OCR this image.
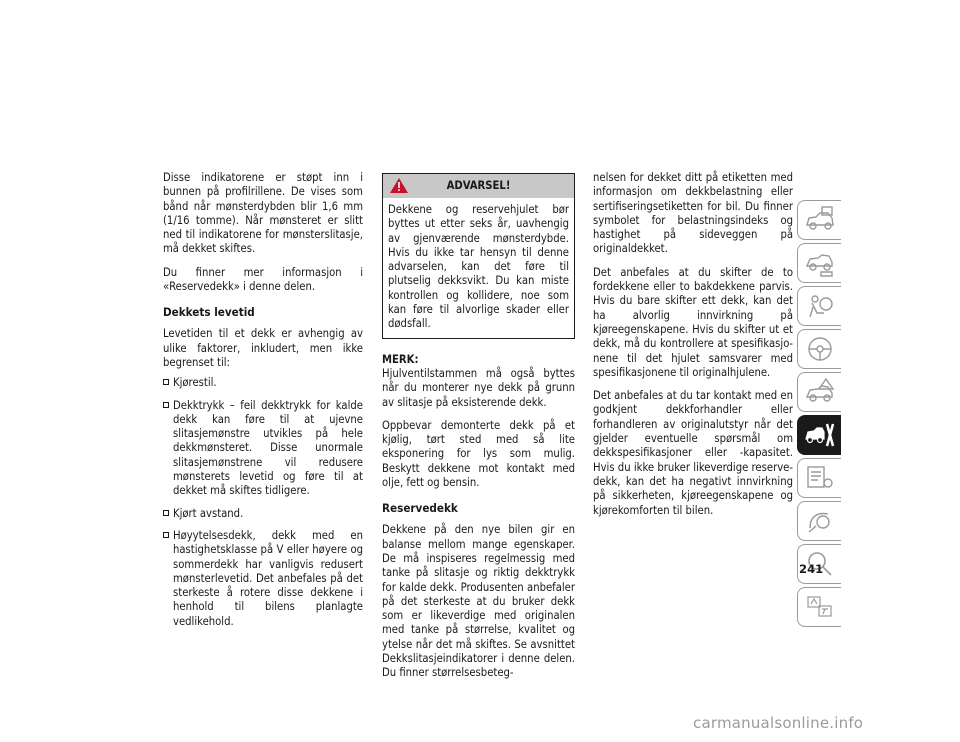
Disse indikatorene er støpt inn i bunnen på profilrillene. De vises som bånd når mønsterdybden blir 1,6 mm (1/16 tomme). Når mønsteret er slitt ned til indikatorene for mønsterslitasje, må dekket skiftes.

Du finner mer informasjon i «Reservedekk» i denne delen.

Dekkets levetid

Levetiden til et dekk er avhengig av ulike faktorer, inkludert, men ikke begrenset til:

Kjørestil.
Dekktrykk – feil dekktrykk for kalde dekk kan føre til at ujevne slitasjemønstre utvikles på hele dekkmønsteret. Disse unormale slitasjemønstrene vil redusere mønsterets levetid og føre til at dekket må skiftes tidligere.
Kjørt avstand.
Høyytelsesdekk, dekk med en hastighetsklasse på V eller høyere og sommerdekk har vanligvis redusert mønsterlevetid. Det anbefales på det sterkeste å rotere disse dekkene i henhold til bilens planlagte vedlikehold.
ADVARSEL!
Dekkene og reservehjulet bør byttes ut etter seks år, uavhengig av gjenværende mønsterdybde. Hvis du ikke tar hensyn til denne advarselen, kan det føre til plutselig dekksvikt. Du kan miste kontrollen og kollidere, noe som kan føre til alvorlige skader eller dødsfall.

MERK:
Hjulventilstammen må også byttes når du monterer nye dekk på grunn av slitasje på eksisterende dekk.

Oppbevar demonterte dekk på et kjølig, tørt sted med så lite eksponering for lys som mulig. Beskytt dekkene mot kontakt med olje, fett og bensin.

Reservedekk

Dekkene på den nye bilen gir en balanse mellom mange egenskaper. De må inspiseres regelmessig med tanke på slitasje og riktig dekktrykk for kalde dekk. Produsenten anbefaler på det sterkeste at du bruker dekk som er likeverdige med originalen med tanke på størrelse, kvalitet og ytelse når det må skiftes. Se avsnittet Dekkslitasjeindikatorer i denne delen. Du finner størrelsesbeteg-

nelsen for dekket ditt på etiketten med informasjon om dekkbelastning eller sertifiseringsetiketten for bil. Du finner symbolet for belastningsindeks og hastighet på sideveggen på originaldekket.

Det anbefales at du skifter de to fordekkene eller to bakdekkene parvis. Hvis du bare skifter ett dekk, kan det ha alvorlig innvirkning på kjøreegenskapene. Hvis du skifter ut et dekk, må du kontrollere at spesifikasjonene til det hjulet samsvarer med spesifikasjonene til originalhjulene.

Det anbefales at du tar kontakt med en godkjent dekkforhandler eller forhandleren av originalutstyr når det gjelder eventuelle spørsmål om dekkspesifikasjoner eller -kapasitet. Hvis du ikke bruker likeverdige reservedekk, kan det ha negativt innvirkning på sikkerheten, kjøreegenskapene og kjørekomforten til bilen.

241
carmanualsonline.info
